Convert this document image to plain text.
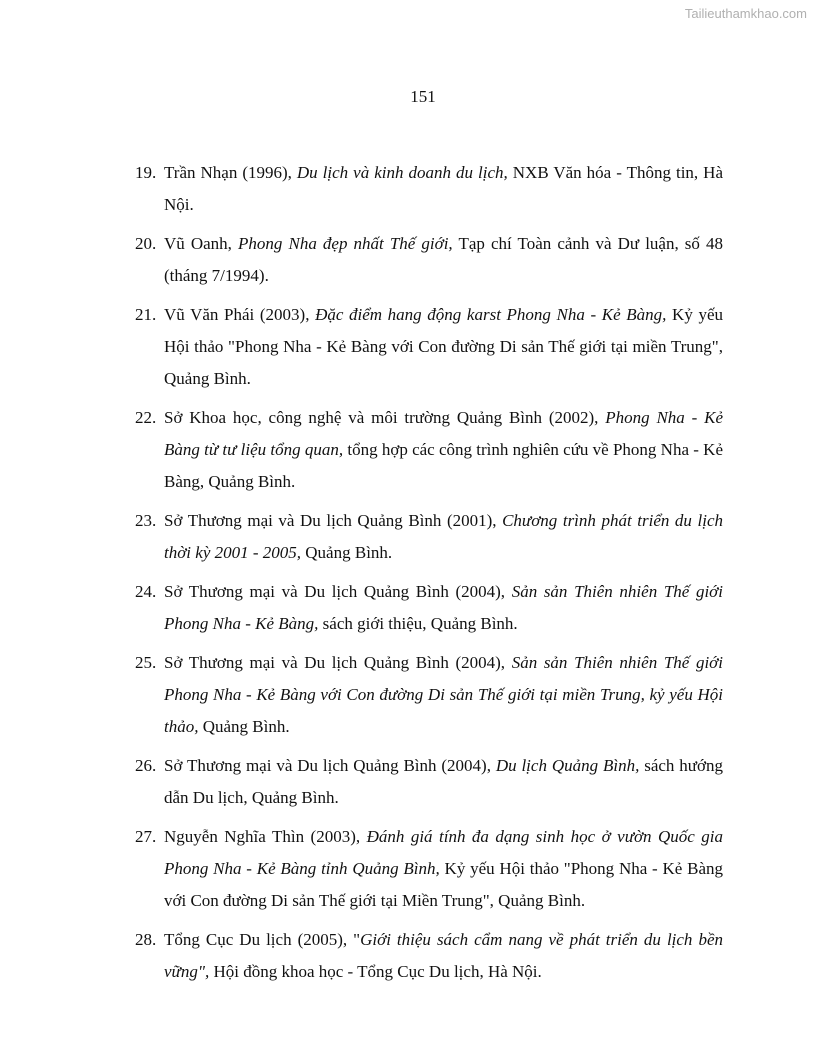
Tailieuthamkhao.com
151
19. Trần Nhạn (1996), Du lịch và kinh doanh du lịch, NXB Văn hóa - Thông tin, Hà Nội.
20. Vũ Oanh, Phong Nha đẹp nhất Thế giới, Tạp chí Toàn cảnh và Dư luận, số 48 (tháng 7/1994).
21. Vũ Văn Phái (2003), Đặc điểm hang động karst Phong Nha - Kẻ Bàng, Kỷ yếu Hội thảo "Phong Nha - Kẻ Bàng với Con đường Di sản Thế giới tại miền Trung", Quảng Bình.
22. Sở Khoa học, công nghệ và môi trường Quảng Bình (2002), Phong Nha - Kẻ Bàng từ tư liệu tổng quan, tổng hợp các công trình nghiên cứu về Phong Nha - Kẻ Bàng, Quảng Bình.
23. Sở Thương mại và Du lịch Quảng Bình (2001), Chương trình phát triển du lịch thời kỳ 2001 - 2005, Quảng Bình.
24. Sở Thương mại và Du lịch Quảng Bình (2004), Sản sản Thiên nhiên Thế giới Phong Nha - Kẻ Bàng, sách giới thiệu, Quảng Bình.
25. Sở Thương mại và Du lịch Quảng Bình (2004), Sản sản Thiên nhiên Thế giới Phong Nha - Kẻ Bàng với Con đường Di sản Thế giới tại miền Trung, kỷ yếu Hội thảo, Quảng Bình.
26. Sở Thương mại và Du lịch Quảng Bình (2004), Du lịch Quảng Bình, sách hướng dẫn Du lịch, Quảng Bình.
27. Nguyễn Nghĩa Thìn (2003), Đánh giá tính đa dạng sinh học ở vườn Quốc gia Phong Nha - Kẻ Bàng tỉnh Quảng Bình, Kỷ yếu Hội thảo "Phong Nha - Kẻ Bàng với Con đường Di sản Thế giới tại Miền Trung", Quảng Bình.
28. Tổng Cục Du lịch (2005), "Giới thiệu sách cẩm nang về phát triển du lịch bền vững", Hội đồng khoa học - Tổng Cục Du lịch, Hà Nội.
